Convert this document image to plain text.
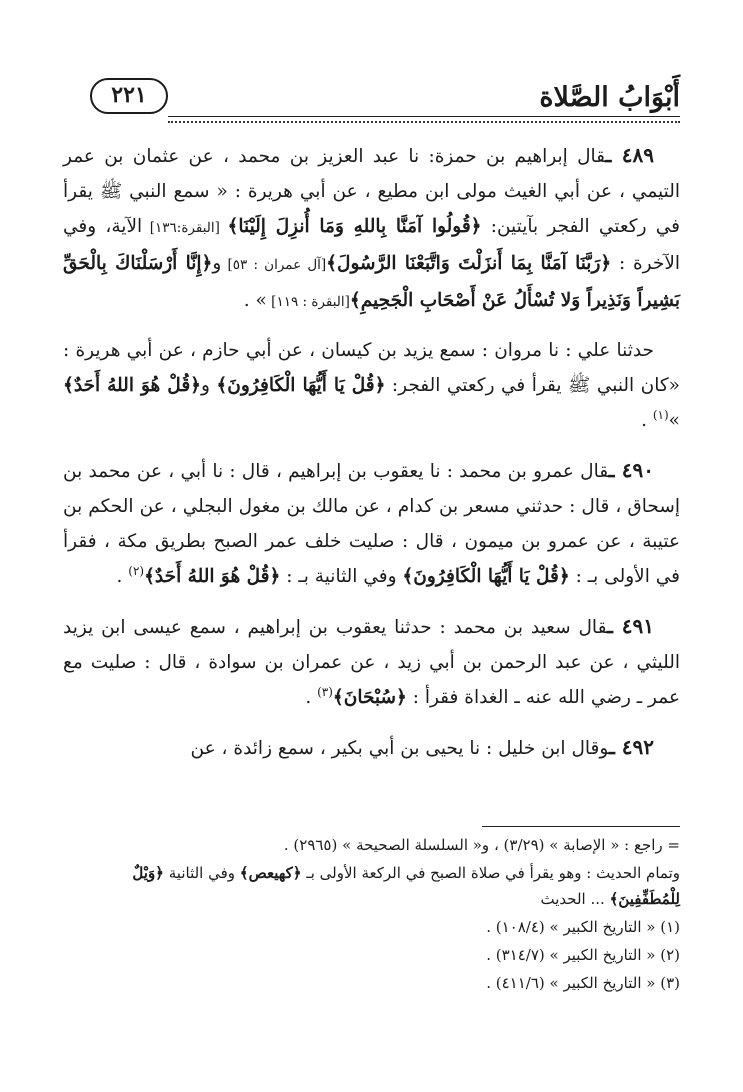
أَبْوَابُ الصَّلاة
٢٢١

٤٨٩ ـقال إبراهيم بن حمزة: نا عبد العزيز بن محمد ، عن عثمان بن عمر التيمي ، عن أبي الغيث مولى ابن مطيع ، عن أبي هريرة : « سمع النبي ﷺ يقرأ في ركعتي الفجر بآيتين: ﴿قُولُوا آمَنَّا بِاللهِ وَمَا أُنزِلَ إِلَيْنَا﴾ [البقرة:١٣٦] الآية، وفي الآخرة : ﴿رَبَّنَا آمَنَّا بِمَا أَنزَلْتَ وَاتَّبَعْنَا الرَّسُولَ﴾[آل عمران : ٥٣] و﴿إِنَّا أَرْسَلْنَاكَ بِالْحَقِّ بَشِيراً وَنَذِيراً وَلا تُسْأَلُ عَنْ أَصْحَابِ الْجَحِيمِ﴾[البقرة : ١١٩] » .

حدثنا علي : نا مروان : سمع يزيد بن كيسان ، عن أبي حازم ، عن أبي هريرة : «كان النبي ﷺ يقرأ في ركعتي الفجر: ﴿قُلْ يَا أَيُّهَا الْكَافِرُونَ﴾ و﴿قُلْ هُوَ اللهُ أَحَدٌ﴾ »$^{(١)}$ .

٤٩٠ ـقال عمرو بن محمد : نا يعقوب بن إبراهيم ، قال : نا أبي ، عن محمد بن إسحاق ، قال : حدثني مسعر بن كدام ، عن مالك بن مغول البجلي ، عن الحكم بن عتيبة ، عن عمرو بن ميمون ، قال : صليت خلف عمر الصبح بطريق مكة ، فقرأ في الأولى بـ : ﴿قُلْ يَا أَيُّهَا الْكَافِرُونَ﴾ وفي الثانية بـ : ﴿قُلْ هُوَ اللهُ أَحَدٌ﴾$^{(٢)}$ .

٤٩١ ـقال سعيد بن محمد : حدثنا يعقوب بن إبراهيم ، سمع عيسى ابن يزيد الليثي ، عن عبد الرحمن بن أبي زيد ، عن عمران بن سوادة ، قال : صليت مع عمر ـ رضي الله عنه ـ الغداة فقرأ : ﴿سُبْحَانَ﴾$^{(٣)}$ .

٤٩٢ ـوقال ابن خليل : نا يحيى بن أبي بكير ، سمع زائدة ، عن

= راجع : « الإصابة » (٣/٢٩) ، و« السلسلة الصحيحة » (٢٩٦٥) .

وتمام الحديث : وهو يقرأ في صلاة الصبح في الركعة الأولى بـ ﴿كهيعص﴾ وفي الثانية ﴿وَيْلٌ لِلْمُطَفِّفِينَ﴾ ... الحديث

(١) « التاريخ الكبير » (١٠٨/٤) .

(٢) « التاريخ الكبير » (٣١٤/٧) .

(٣) « التاريخ الكبير » (٤١١/٦) .
